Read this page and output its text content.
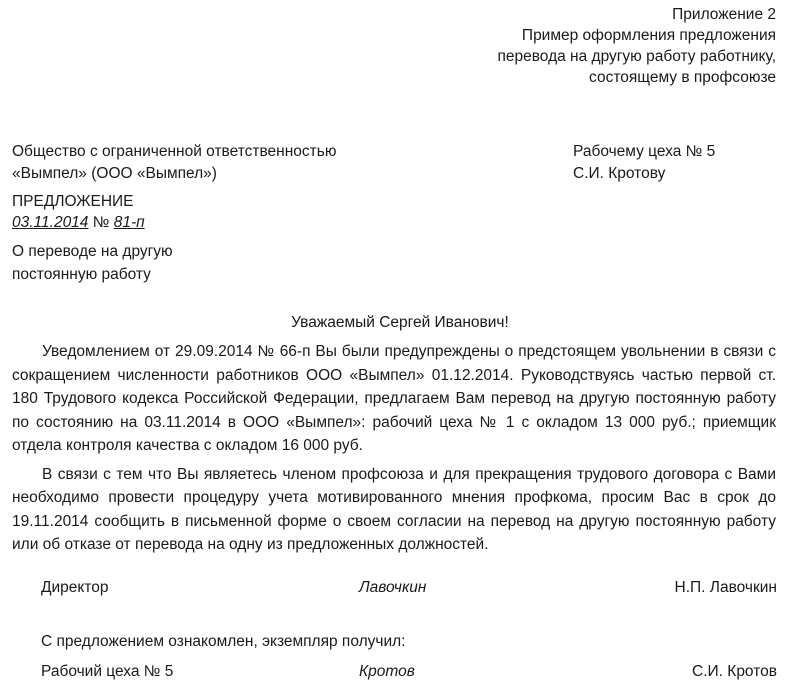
Приложение 2
Пример оформления предложения
перевода на другую работу работнику,
состоящему в профсоюзе
Общество с ограниченной ответственностью
«Вымпел» (ООО «Вымпел»)
Рабочему цеха № 5
С.И. Кротову
ПРЕДЛОЖЕНИЕ
03.11.2014 № 81-п
О переводе на другую
постоянную работу
Уважаемый Сергей Иванович!

Уведомлением от 29.09.2014 № 66-п Вы были предупреждены о предстоящем увольнении в связи с сокращением численности работников ООО «Вымпел» 01.12.2014. Руководствуясь частью первой ст. 180 Трудового кодекса Российской Федерации, предлагаем Вам перевод на другую постоянную работу по состоянию на 03.11.2014 в ООО «Вымпел»: рабочий цеха № 1 с окладом 13 000 руб.; приемщик отдела контроля качества с окладом 16 000 руб.

В связи с тем что Вы являетесь членом профсоюза и для прекращения трудового договора с Вами необходимо провести процедуру учета мотивированного мнения профкома, просим Вас в срок до 19.11.2014 сообщить в письменной форме о своем согласии на перевод на другую постоянную работу или об отказе от перевода на одну из предложенных должностей.

Директор	Лавочкин	Н.П. Лавочкин
С предложением ознакомлен, экземпляр получил:
Рабочий цеха № 5	Кротов	С.И. Кротов
